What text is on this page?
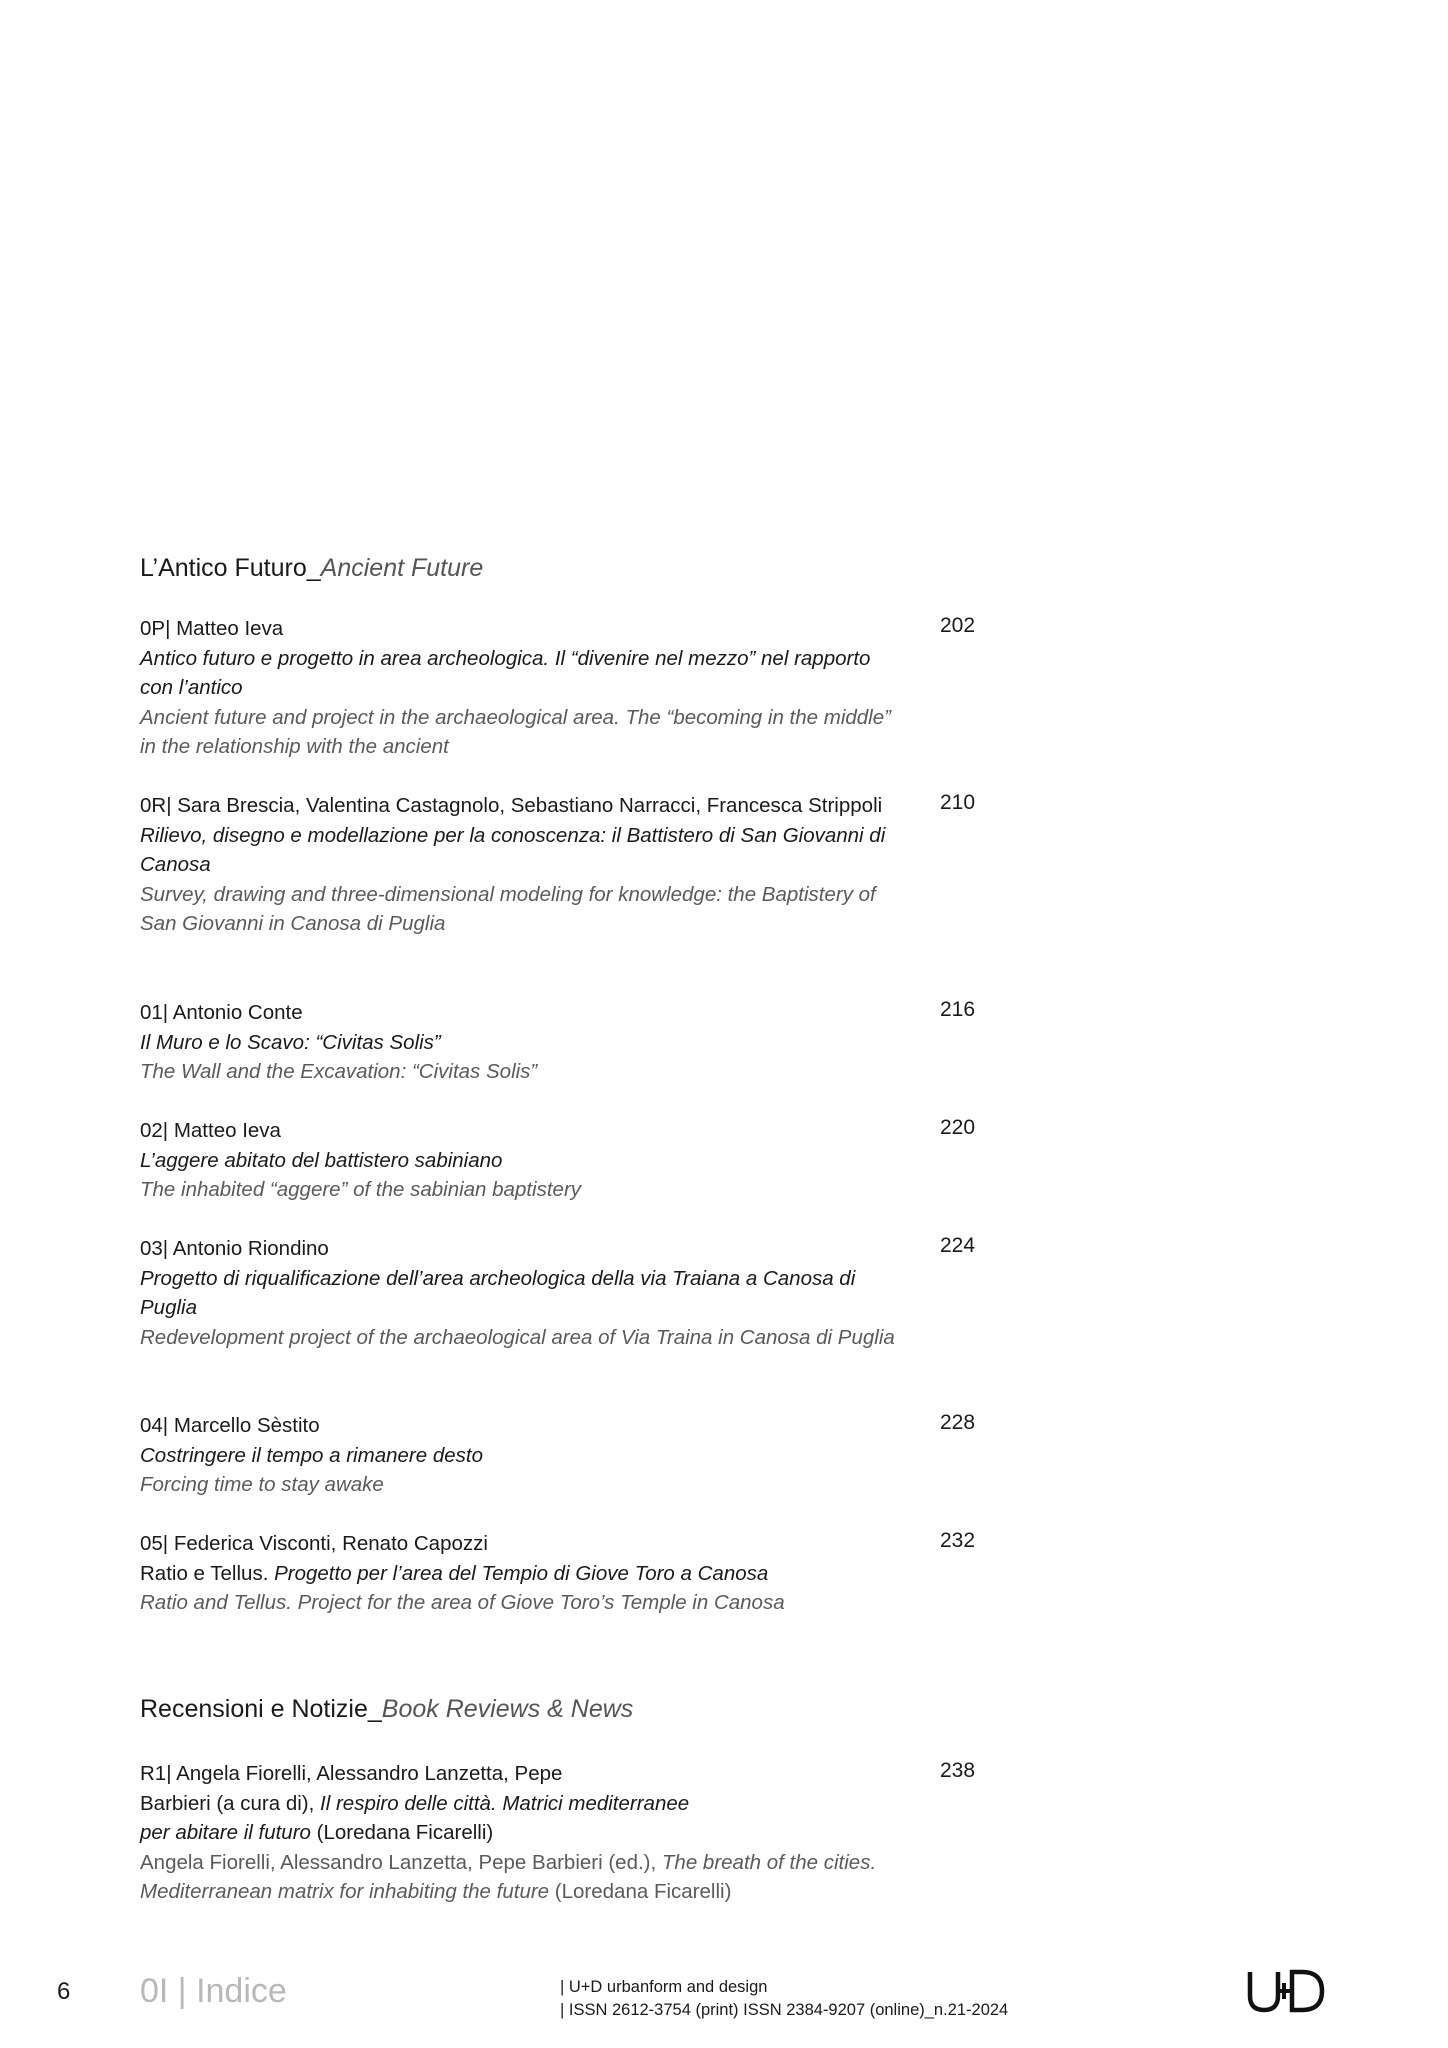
L’Antico Futuro_Ancient Future
0P| Matteo Ieva
Antico futuro e progetto in area archeologica. Il “divenire nel mezzo” nel rapporto con l’antico
Ancient future and project in the archaeological area. The “becoming in the middle” in the relationship with the ancient
202
0R| Sara Brescia, Valentina Castagnolo, Sebastiano Narracci, Francesca Strippoli
Rilievo, disegno e modellazione per la conoscenza: il Battistero di San Giovanni di Canosa
Survey, drawing and three-dimensional modeling for knowledge: the Baptistery of San Giovanni in Canosa di Puglia
210
01| Antonio Conte
Il Muro e lo Scavo: “Civitas Solis”
The Wall and the Excavation: “Civitas Solis”
216
02| Matteo Ieva
L’aggere abitato del battistero sabiniano
The inhabited “aggere” of the sabinian baptistery
220
03| Antonio Riondino
Progetto di riqualificazione dell’area archeologica della via Traiana a Canosa di Puglia
Redevelopment project of the archaeological area of Via Traina in Canosa di Puglia
224
04| Marcello Sèstito
Costringere il tempo a rimanere desto
Forcing time to stay awake
228
05| Federica Visconti, Renato Capozzi
Ratio e Tellus. Progetto per l’area del Tempio di Giove Toro a Canosa
Ratio and Tellus. Project for the area of Giove Toro’s Temple in Canosa
232
Recensioni e Notizie_Book Reviews & News
R1| Angela Fiorelli, Alessandro Lanzetta, Pepe
Barbieri (a cura di), Il respiro delle città. Matrici mediterranee
per abitare il futuro (Loredana Ficarelli)
Angela Fiorelli, Alessandro Lanzetta, Pepe Barbieri (ed.), The breath of the cities. Mediterranean matrix for inhabiting the future (Loredana Ficarelli)
238
6 0I | Indice	| U+D urbanform and design
| ISSN 2612-3754 (print) ISSN 2384-9207 (online)_n.21-2024
